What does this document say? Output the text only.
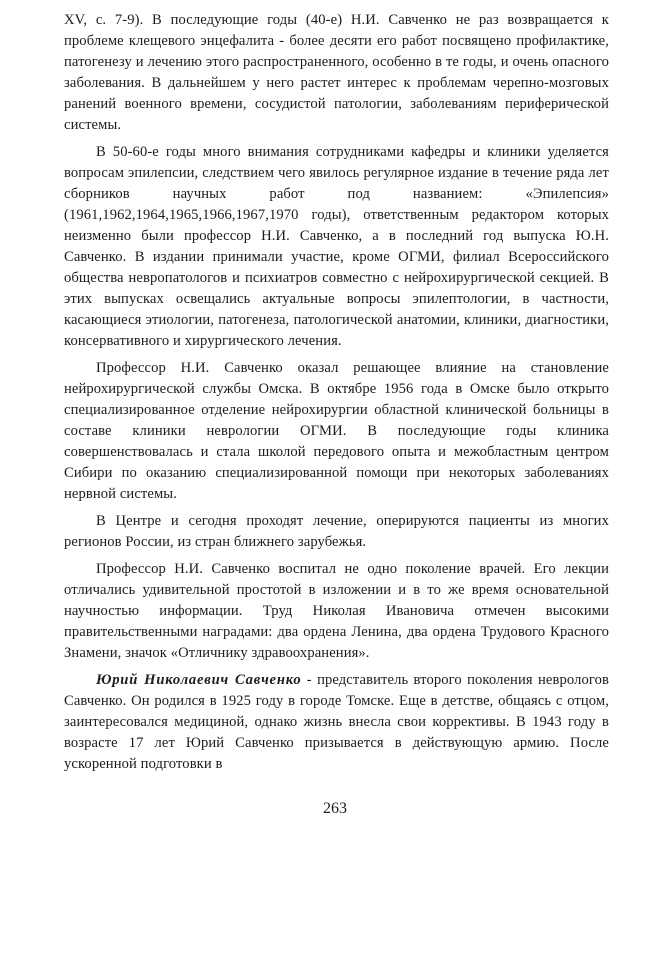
XV, с. 7-9). В последующие годы (40-е) Н.И. Савченко не раз возвращается к проблеме клещевого энцефалита - более десяти его работ посвящено профилактике, патогенезу и лечению этого распространенного, особенно в те годы, и очень опасного заболевания. В дальнейшем у него растет интерес к проблемам черепно-мозговых ранений военного времени, сосудистой патологии, заболеваниям периферической системы.

В 50-60-е годы много внимания сотрудниками кафедры и клиники уделяется вопросам эпилепсии, следствием чего явилось регулярное издание в течение ряда лет сборников научных работ под названием: «Эпилепсия» (1961,1962,1964,1965,1966,1967,1970 годы), ответственным редактором которых неизменно были профессор Н.И. Савченко, а в последний год выпуска Ю.Н. Савченко. В издании принимали участие, кроме ОГМИ, филиал Всероссийского общества невропатологов и психиатров совместно с нейрохирургической секцией. В этих выпусках освещались актуальные вопросы эпилептологии, в частности, касающиеся этиологии, патогенеза, патологической анатомии, клиники, диагностики, консервативного и хирургического лечения.

Профессор Н.И. Савченко оказал решающее влияние на становление нейрохирургической службы Омска. В октябре 1956 года в Омске было открыто специализированное отделение нейрохирургии областной клинической больницы в составе клиники неврологии ОГМИ. В последующие годы клиника совершенствовалась и стала школой передового опыта и межобластным центром Сибири по оказанию специализированной помощи при некоторых заболеваниях нервной системы.

В Центре и сегодня проходят лечение, оперируются пациенты из многих регионов России, из стран ближнего зарубежья.

Профессор Н.И. Савченко воспитал не одно поколение врачей. Его лекции отличались удивительной простотой в изложении и в то же время основательной научностью информации. Труд Николая Ивановича отмечен высокими правительственными наградами: два ордена Ленина, два ордена Трудового Красного Знамени, значок «Отличнику здравоохранения».

Юрий Николаевич Савченко - представитель второго поколения неврологов Савченко. Он родился в 1925 году в городе Томске. Еще в детстве, общаясь с отцом, заинтересовался медициной, однако жизнь внесла свои коррективы. В 1943 году в возрасте 17 лет Юрий Савченко призывается в действующую армию. После ускоренной подготовки в

263
